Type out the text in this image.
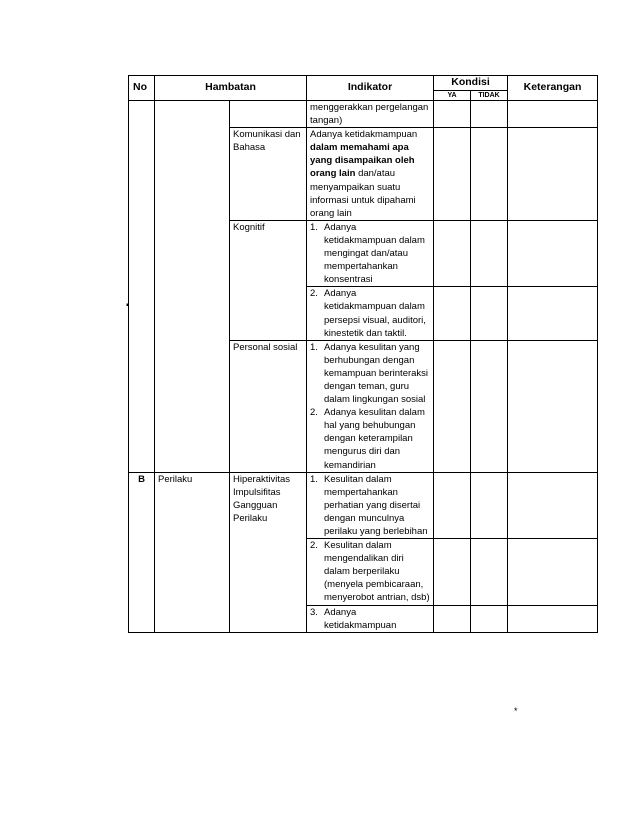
▪
No	Hambatan		Indikator	Kondisi		Keterangan
				YA	TIDAK	
			menggerakkan pergelangan tangan)			
		Komunikasi dan Bahasa	Adanya ketidakmampuan dalam memahami apa yang disampaikan oleh orang lain dan/atau menyampaikan suatu informasi untuk dipahami orang lain			
		Kognitif	1. Adanya ketidakmampuan dalam mengingat dan/atau mempertahankan konsentrasi			

			2. Adanya ketidakmampuan dalam persepsi visual, auditori, kinestetik dan taktil.			

		Personal sosial	1. Adanya kesulitan yang berhubungan dengan kemampuan berinteraksi dengan teman, guru dalam lingkungan sosial			

			2. Adanya kesulitan dalam hal yang behubungan dengan keterampilan mengurus diri dan kemandirian			

B	Perilaku	Hiperaktivitas Impulsifitas Gangguan Perilaku	1. Kesulitan dalam mempertahankan perhatian yang disertai dengan munculnya perilaku yang berlebihan			

			2. Kesulitan dalam mengendalikan diri dalam berperilaku (menyela pembicaraan, menyerobot antrian, dsb)			

			3. Adanya ketidakmampuan			

*
